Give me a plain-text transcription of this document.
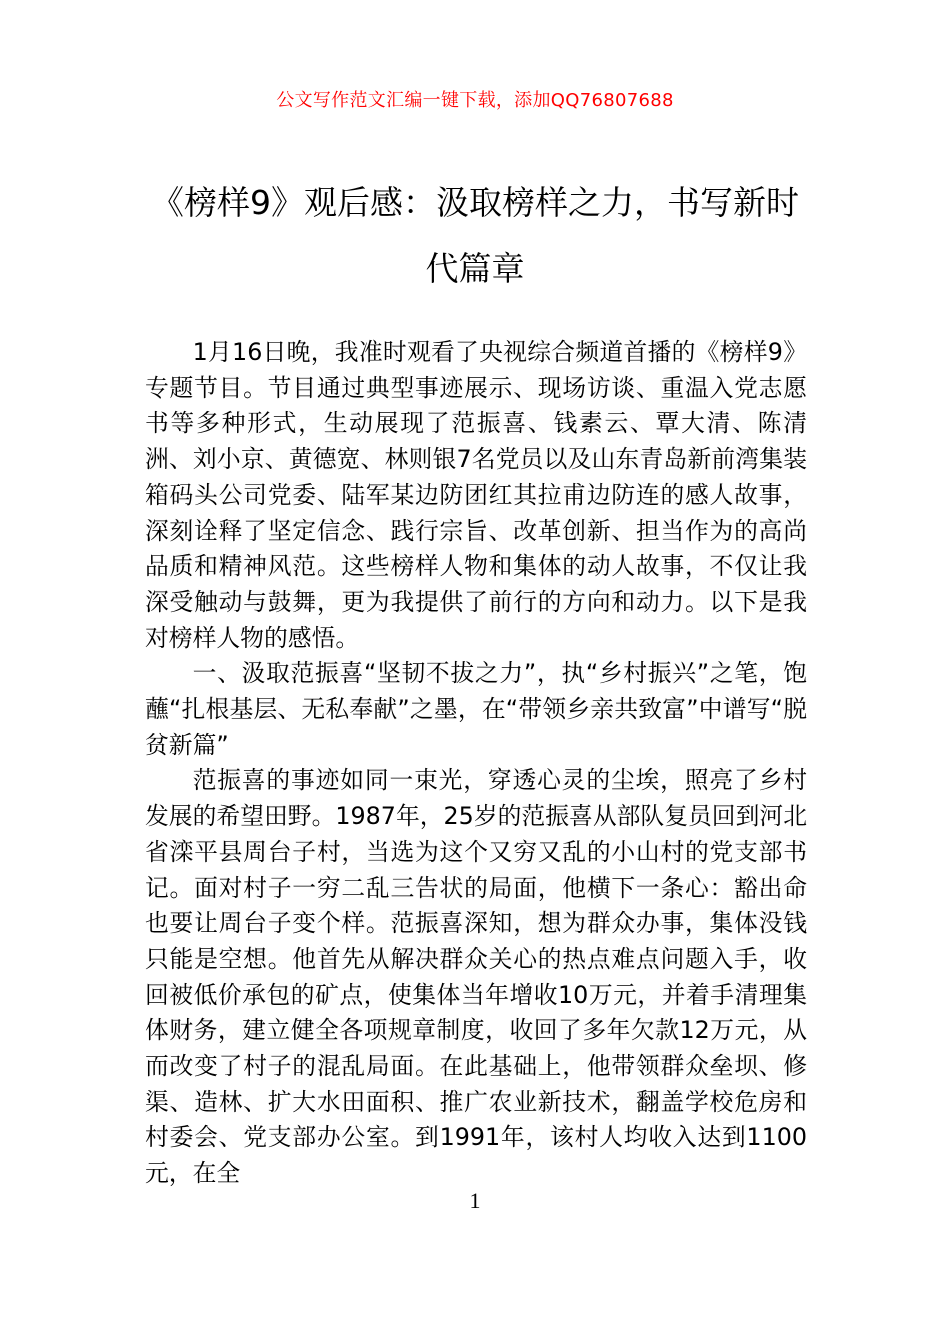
公文写作范文汇编一键下载，添加QQ76807688
《榜样9》观后感：汲取榜样之力，书写新时代篇章

1月16日晚，我准时观看了央视综合频道首播的《榜样9》专题节目。节目通过典型事迹展示、现场访谈、重温入党志愿书等多种形式，生动展现了范振喜、钱素云、覃大清、陈清洲、刘小京、黄德宽、林则银7名党员以及山东青岛新前湾集装箱码头公司党委、陆军某边防团红其拉甫边防连的感人故事，深刻诠释了坚定信念、践行宗旨、改革创新、担当作为的高尚品质和精神风范。这些榜样人物和集体的动人故事，不仅让我深受触动与鼓舞，更为我提供了前行的方向和动力。以下是我对榜样人物的感悟。

一、汲取范振喜“坚韧不拔之力”，执“乡村振兴”之笔，饱蘸“扎根基层、无私奉献”之墨，在“带领乡亲共致富”中谱写“脱贫新篇”

范振喜的事迹如同一束光，穿透心灵的尘埃，照亮了乡村发展的希望田野。1987年，25岁的范振喜从部队复员回到河北省滦平县周台子村，当选为这个又穷又乱的小山村的党支部书记。面对村子一穷二乱三告状的局面，他横下一条心：豁出命也要让周台子变个样。范振喜深知，想为群众办事，集体没钱只能是空想。他首先从解决群众关心的热点难点问题入手，收回被低价承包的矿点，使集体当年增收10万元，并着手清理集体财务，建立健全各项规章制度，收回了多年欠款12万元，从而改变了村子的混乱局面。在此基础上，他带领群众垒坝、修渠、造林、扩大水田面积、推广农业新技术，翻盖学校危房和村委会、党支部办公室。到1991年，该村人均收入达到1100元，在全

1
